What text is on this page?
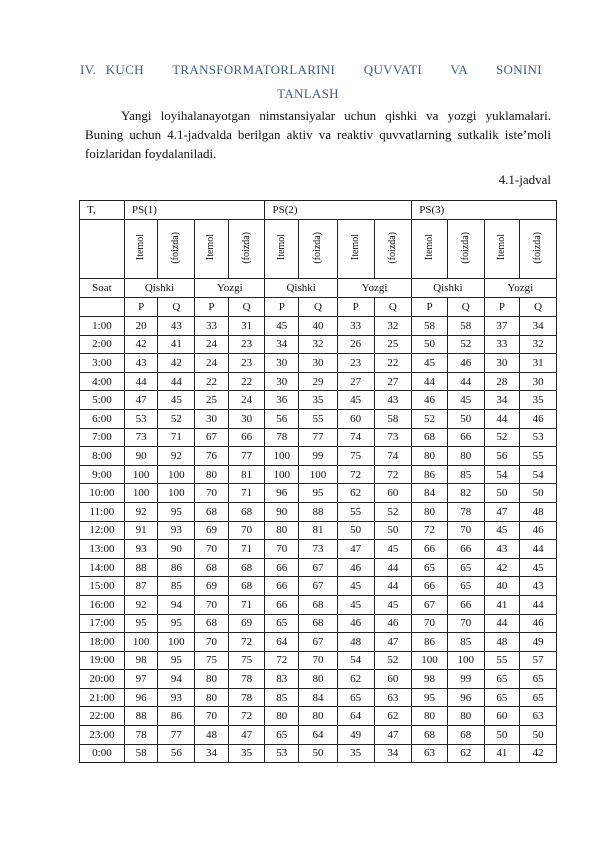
IV. KUCH   TRANSFORMATORLARINI   QUVVATI   VA   SONINI
TANLASH
Yangi loyihalanayotgan nimstansiyalar uchun qishki va yozgi yuklamalari. Buning uchun 4.1-jadvalda berilgan aktiv va reaktiv quvvatlarning sutkalik iste’moli foizlaridan foydalaniladi.
4.1-jadval
T,	PS(1)				PS(2)				PS(3)			
	Itemol	(foizda)	Itemol	(foizda)	Itemol	(foizda)	Itemol	(foizda)	Itemol	(foizda)	Itemol	(foizda)
Soat	Qishki		Yozgi		Qishki		Yozgi		Qishki		Yozgi	
	P	Q	P	Q	P	Q	P	Q	P	Q	P	Q
1:00	20	43	33	31	45	40	33	32	58	58	37	34
2:00	42	41	24	23	34	32	26	25	50	52	33	32
3:00	43	42	24	23	30	30	23	22	45	46	30	31
4:00	44	44	22	22	30	29	27	27	44	44	28	30
5:00	47	45	25	24	36	35	45	43	46	45	34	35
6:00	53	52	30	30	56	55	60	58	52	50	44	46
7:00	73	71	67	66	78	77	74	73	68	66	52	53
8:00	90	92	76	77	100	99	75	74	80	80	56	55
9:00	100	100	80	81	100	100	72	72	86	85	54	54
10:00	100	100	70	71	96	95	62	60	84	82	50	50
11:00	92	95	68	68	90	88	55	52	80	78	47	48
12:00	91	93	69	70	80	81	50	50	72	70	45	46
13:00	93	90	70	71	70	73	47	45	66	66	43	44
14:00	88	86	68	68	66	67	46	44	65	65	42	45
15:00	87	85	69	68	66	67	45	44	66	65	40	43
16:00	92	94	70	71	66	68	45	45	67	66	41	44
17:00	95	95	68	69	65	68	46	46	70	70	44	46
18:00	100	100	70	72	64	67	48	47	86	85	48	49
19:00	98	95	75	75	72	70	54	52	100	100	55	57
20:00	97	94	80	78	83	80	62	60	98	99	65	65
21:00	96	93	80	78	85	84	65	63	95	96	65	65
22:00	88	86	70	72	80	80	64	62	80	80	60	63
23:00	78	77	48	47	65	64	49	47	68	68	50	50
0:00	58	56	34	35	53	50	35	34	63	62	41	42
